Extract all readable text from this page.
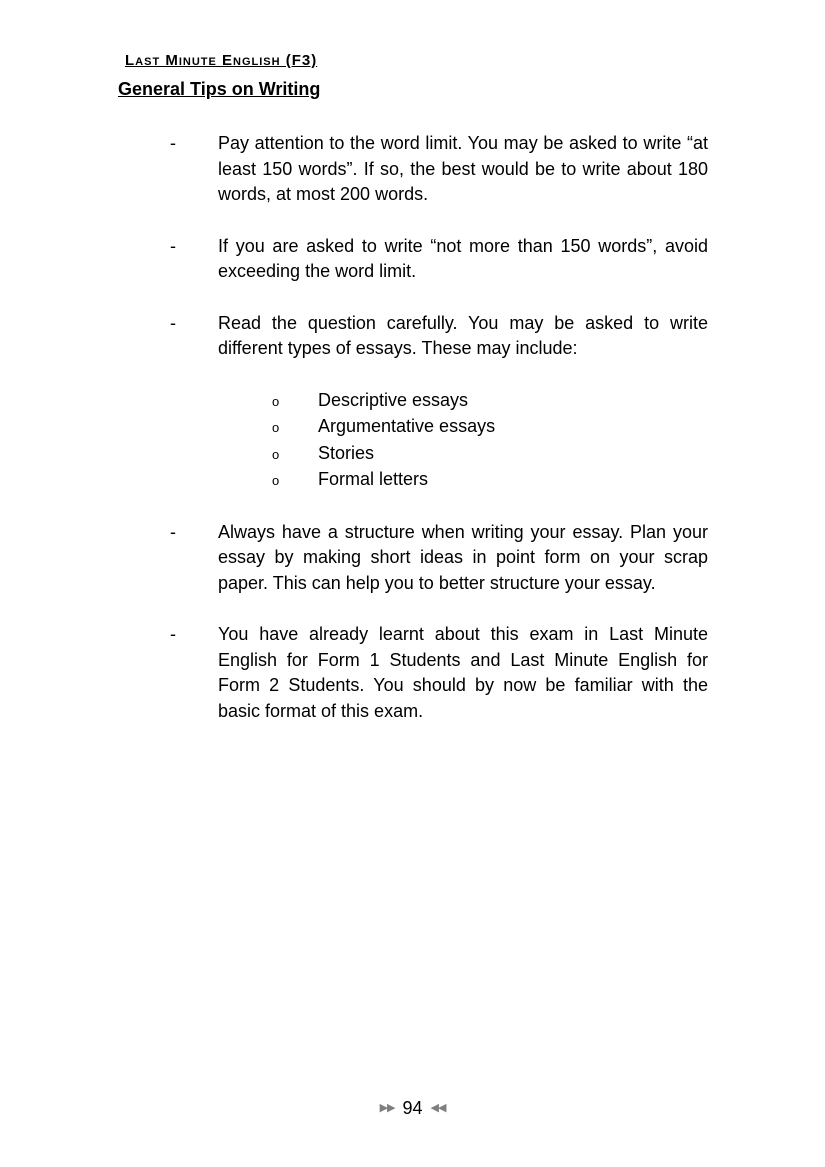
Last Minute English (F3)
General Tips on Writing
-	Pay attention to the word limit. You may be asked to write “at least 150 words”. If so, the best would be to write about 180 words, at most 200 words.
-	If you are asked to write “not more than 150 words”, avoid exceeding the word limit.
-	Read the question carefully. You may be asked to write different types of essays. These may include:
o	Descriptive essays
o	Argumentative essays
o	Stories
o	Formal letters
-	Always have a structure when writing your essay. Plan your essay by making short ideas in point form on your scrap paper. This can help you to better structure your essay.
-	You have already learnt about this exam in Last Minute English for Form 1 Students and Last Minute English for Form 2 Students. You should by now be familiar with the basic format of this exam.
▶▶ 94 ◀◀
